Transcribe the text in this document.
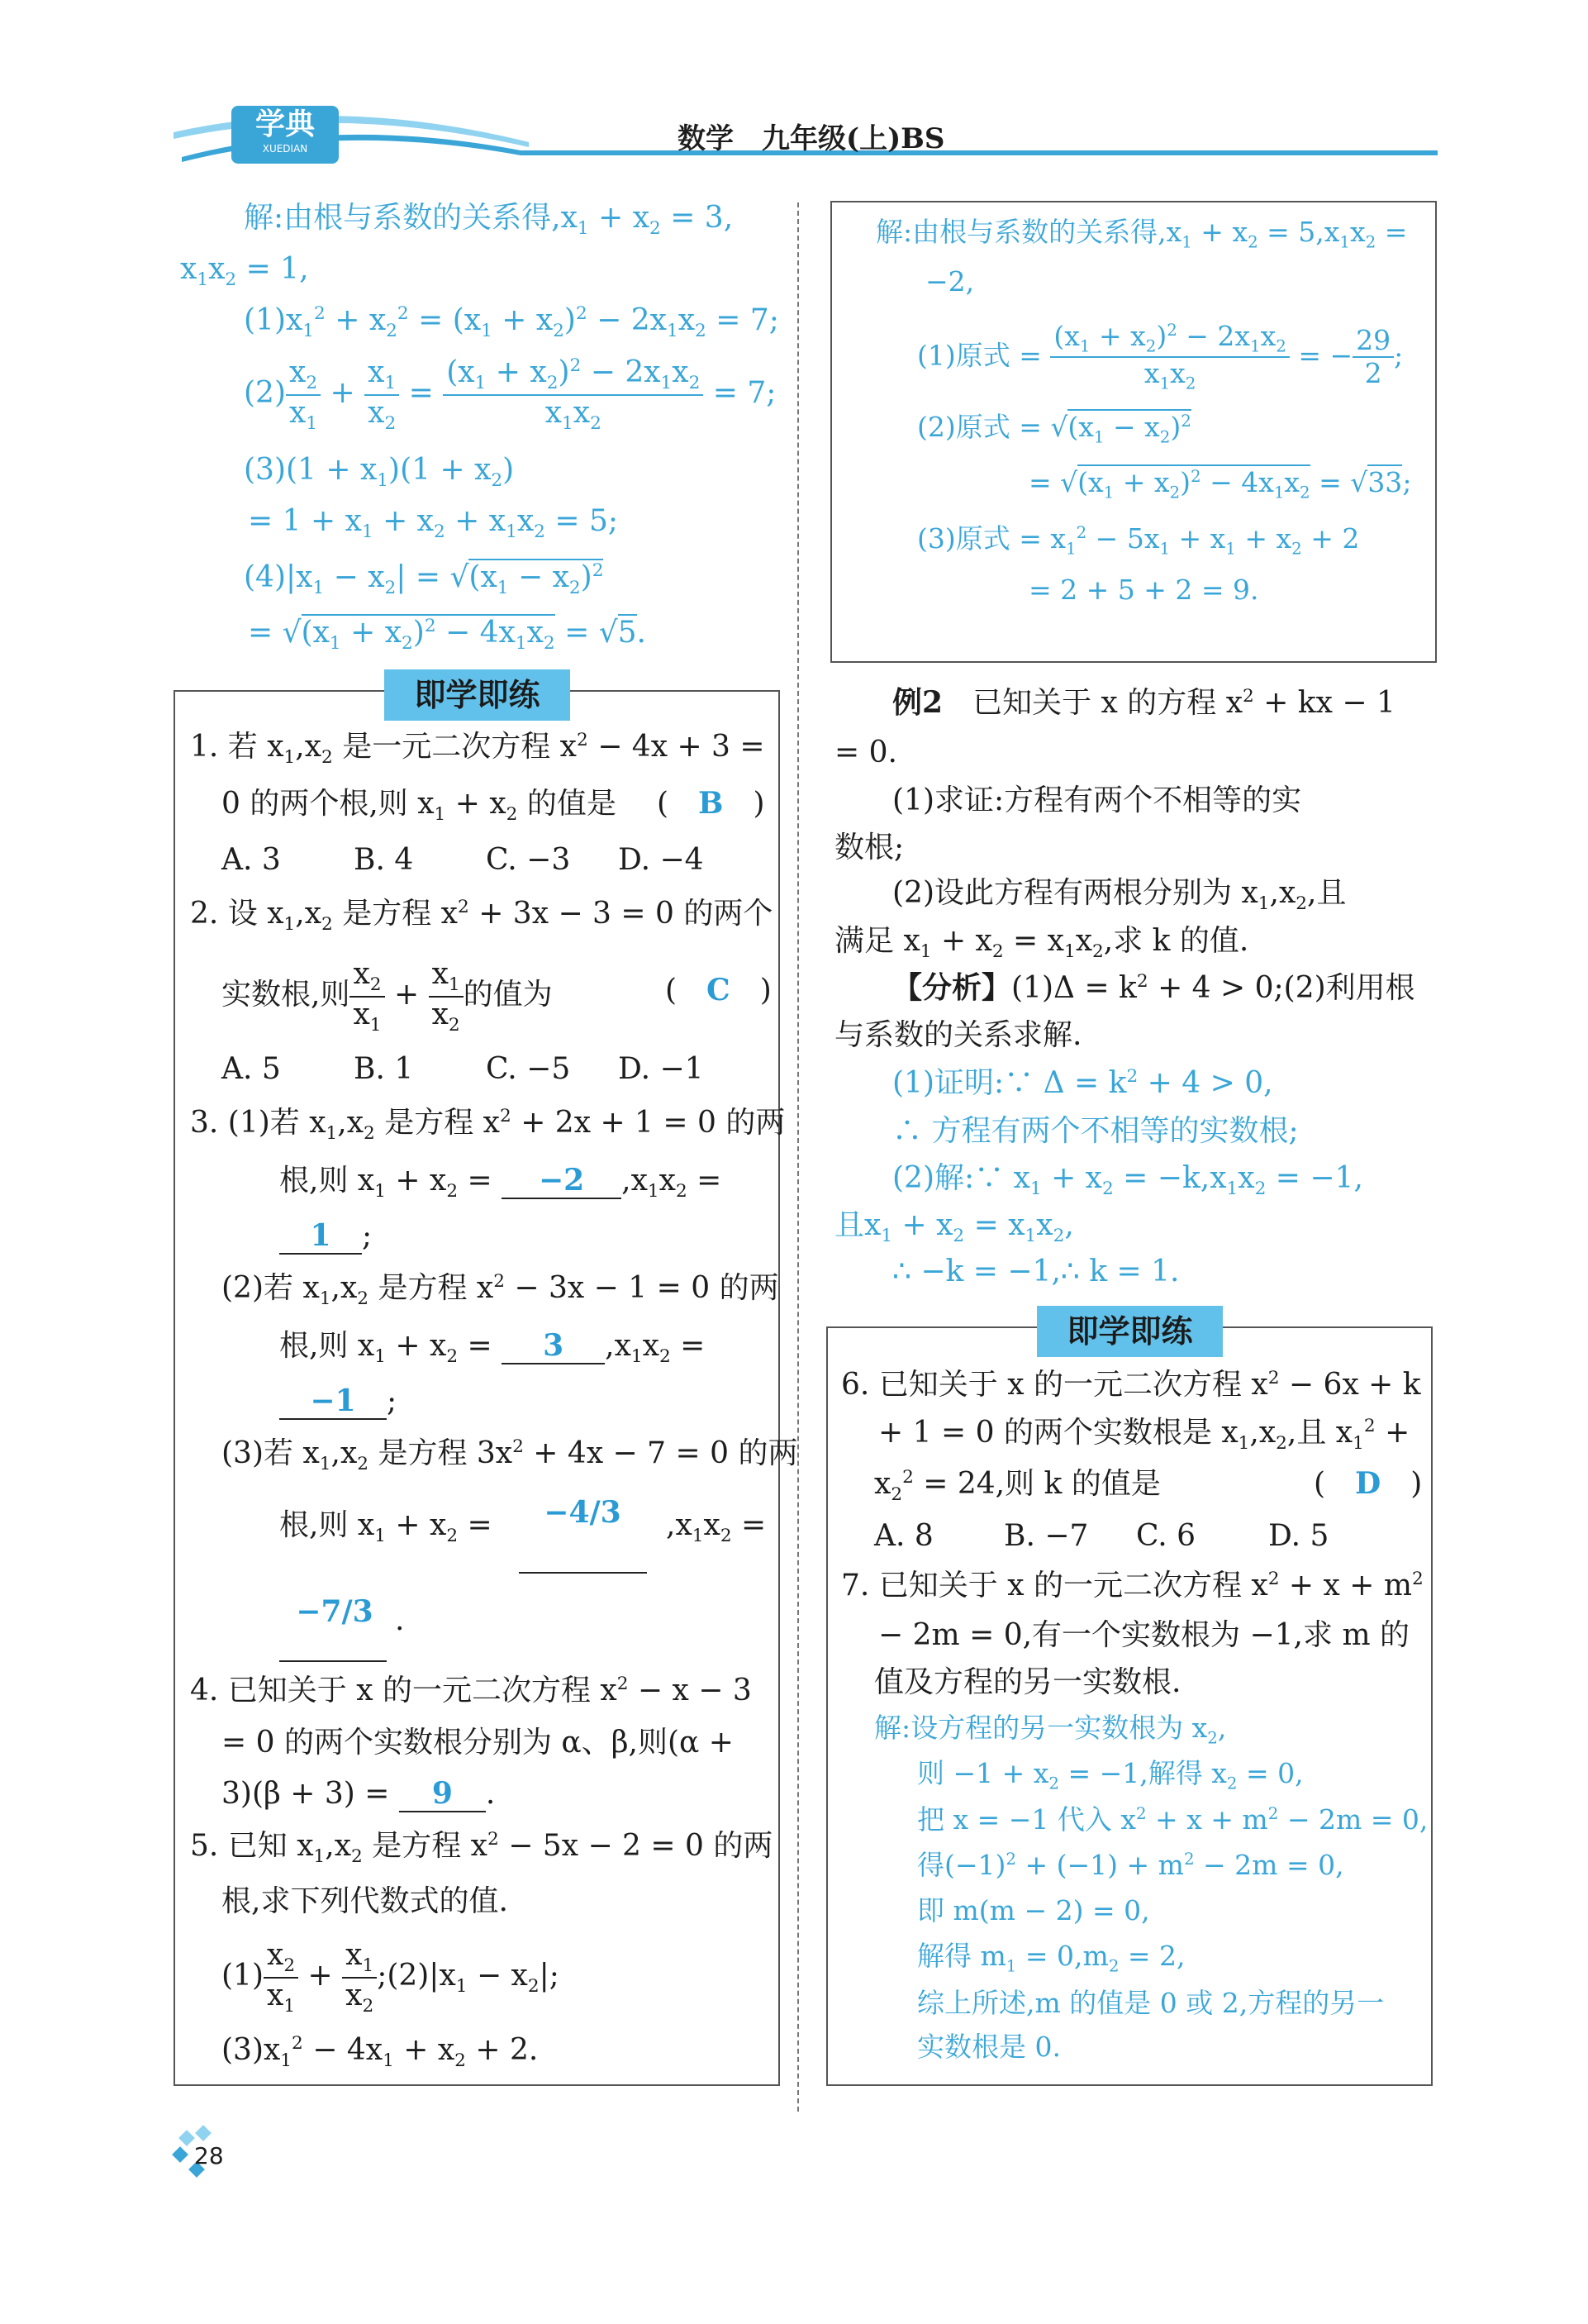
学典
XUEDIAN	数学　九年级(上)BS
解:由根与系数的关系得$,x_1 + x_2 = 3$,
$x_1x_2 = 1$,
$(1)x_1^2 + x_2^2 = (x_1 + x_2)^2 - 2x_1x_2 = 7$;
$(2) \frac{x_2}{x_1} + \frac{x_1}{x_2} = \frac{(x_1 + x_2)^2 - 2x_1x_2}{x_1x_2} = 7$;
$(3)(1 + x_1)(1 + x_2)$
= $1 + x_1 + x_2 + x_1x_2 = 5$;
$(4)|x_1 - x_2| = √(x_1 - x_2)^2$
= $√(x_1 + x_2)^2 - 4x_1x_2 = √5$.
即学即练
1. 若 $x_1,x_2$ 是一元二次方程 $x^2 - 4x + 3$ =
0 的两个根,则 $x_1 + x_2$ 的值是 (　B　)
A. 3 B. 4 C. −3 D. −4
2. 设 $x_1,x_2$ 是方程 $x^2 + 3x - 3 = 0$ 的两个
实数根,则 $\frac{x_2}{x_1} + \frac{x_1}{x_2}$ 的值为	(　C　)
A. 5 B. 1 C. −5 D. −1
3. (1)若 $x_1,x_2$ 是方程 $x^2 + 2x + 1 = 0$ 的两
根,则 $x_1 + x_2 = -2$ $,x_1x_2$ =
1 ;
(2)若 $x_1,x_2$ 是方程 $x^2 - 3x - 1 = 0$ 的两
根,则 $x_1 + x_2 = 3$ $,x_1x_2$ =
−1 ;
(3)若 $x_1,x_2$ 是方程 $3x^2 + 4x - 7 = 0$ 的两
根,则 $x_1 + x_2$ =	−4/3	$,x_1x_2$ =
−7/3 .
4. 已知关于 x 的一元二次方程 $x^2 - x - 3$
= 0 的两个实数根分别为 α、β,则(α +
3)(β + 3) = 9 .
5. 已知 $x_1,x_2$ 是方程 $x^2 - 5x - 2 = 0$ 的两
根,求下列代数式的值.
$(1) \frac{x_2}{x_1} + \frac{x_1}{x_2}$ $;(2)|x_1 - x_2|$;
$(3)x_1^2 - 4x_1 + x_2 + 2$.
解:由根与系数的关系得$,x_1 + x_2 = 5,x_1x_2$ =
−2,
(1)原式 = $\frac{(x_1 + x_2)^2 - 2x_1x_2}{x_1x_2}$ = − $\frac{29}{2}$ ;
(2)原式 = $√(x_1 - x_2)^2$
= $√(x_1 + x_2)^2 - 4x_1x_2 = √33$;
(3)原式 = $x_1^2 - 5x_1 + x_1 + x_2 + 2$
= 2 + 5 + 2 = 9.
例2　已知关于 x 的方程 $x^2$ + kx − 1
= 0.
(1)求证:方程有两个不相等的实
数根;
(2)设此方程有两根分别为 $x_1,x_2$,且
满足 $x_1 + x_2 = x_1x_2$,求 k 的值.
【分析】$(1)\Delta = k^2 + 4$ > 0;(2)利用根
与系数的关系求解.
(1)证明:∵ $\Delta = k^2 + 4 > 0$,
∴ 方程有两个不相等的实数根;
(2)解:∵ $x_1 + x_2 = -k,x_1x_2 = -1$,
且$x_1 + x_2 = x_1x_2$,
∴ −k = −1,∴ k = 1.
即学即练
6. 已知关于 x 的一元二次方程 $x^2 - 6x + k$
+ 1 = 0 的两个实数根是 $x_1,x_2$,且 $x_1^2$ +
$x_2^2 = 24$,则 k 的值是	(　D　)
A. 8 B. −7 C. 6 D. 5
7. 已知关于 x 的一元二次方程 $x^2 + x + m^2$
− 2m = 0,有一个实数根为 −1,求 m 的
值及方程的另一实数根.
解:设方程的另一实数根为 $x_2$,
则 $-1 + x_2 = -1$,解得 $x_2 = 0$,
把 x = −1 代入 $x^2 + x + m^2 - 2m = 0$,
得$(-1)^2 + (-1) + m^2 - 2m = 0$,
即 m(m − 2) = 0,
解得 $m_1 = 0,m_2 = 2$,
综上所述,m 的值是 0 或 2,方程的另一
实数根是 0.
28
